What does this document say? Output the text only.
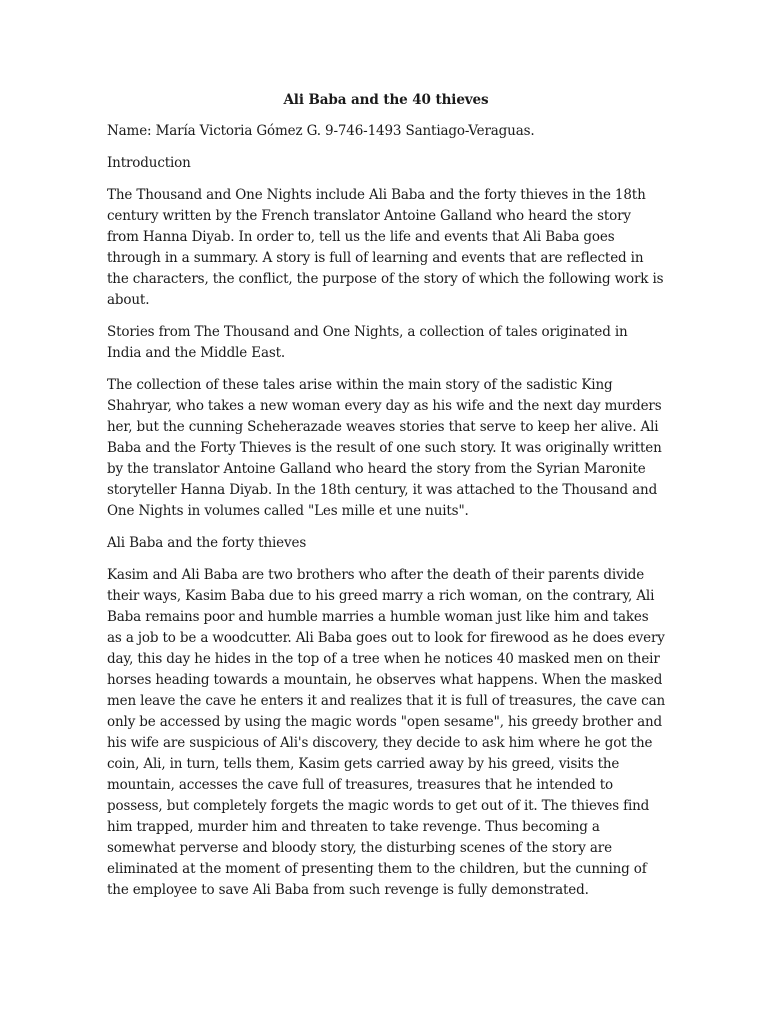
Ali Baba and the 40 thieves
Name: María Victoria Gómez G. 9-746-1493 Santiago-Veraguas.
Introduction
The Thousand and One Nights include Ali Baba and the forty thieves in the 18th century written by the French translator Antoine Galland who heard the story from Hanna Diyab. In order to, tell us the life and events that Ali Baba goes through in a summary. A story is full of learning and events that are reflected in the characters, the conflict, the purpose of the story of which the following work is about.
Stories from The Thousand and One Nights, a collection of tales originated in India and the Middle East.
The collection of these tales arise within the main story of the sadistic King Shahryar, who takes a new woman every day as his wife and the next day murders her, but the cunning Scheherazade weaves stories that serve to keep her alive. Ali Baba and the Forty Thieves is the result of one such story. It was originally written by the translator Antoine Galland who heard the story from the Syrian Maronite storyteller Hanna Diyab. In the 18th century, it was attached to the Thousand and One Nights in volumes called "Les mille et une nuits".
Ali Baba and the forty thieves
Kasim and Ali Baba are two brothers who after the death of their parents divide their ways, Kasim Baba due to his greed marry a rich woman, on the contrary, Ali Baba remains poor and humble marries a humble woman just like him and takes as a job to be a woodcutter. Ali Baba goes out to look for firewood as he does every day, this day he hides in the top of a tree when he notices 40 masked men on their horses heading towards a mountain, he observes what happens. When the masked men leave the cave he enters it and realizes that it is full of treasures, the cave can only be accessed by using the magic words "open sesame", his greedy brother and his wife are suspicious of Ali's discovery, they decide to ask him where he got the coin, Ali, in turn, tells them, Kasim gets carried away by his greed, visits the mountain, accesses the cave full of treasures, treasures that he intended to possess, but completely forgets the magic words to get out of it. The thieves find him trapped, murder him and threaten to take revenge. Thus becoming a somewhat perverse and bloody story, the disturbing scenes of the story are eliminated at the moment of presenting them to the children, but the cunning of the employee to save Ali Baba from such revenge is fully demonstrated.
